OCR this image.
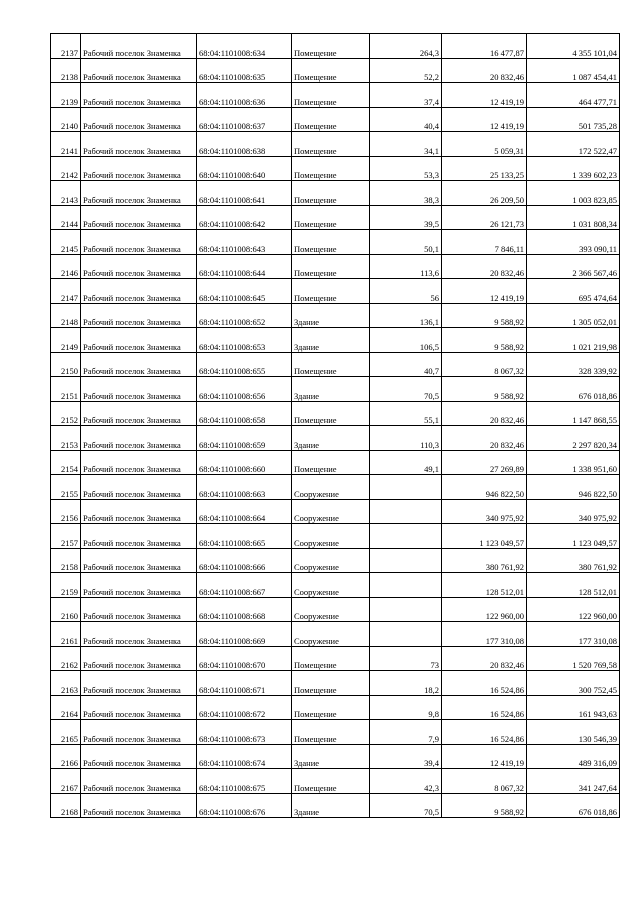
2137	Рабочий поселок Знаменка	68:04:1101008:634	Помещение	264,3	16 477,87	4 355 101,04
2138	Рабочий поселок Знаменка	68:04:1101008:635	Помещение	52,2	20 832,46	1 087 454,41
2139	Рабочий поселок Знаменка	68:04:1101008:636	Помещение	37,4	12 419,19	464 477,71
2140	Рабочий поселок Знаменка	68:04:1101008:637	Помещение	40,4	12 419,19	501 735,28
2141	Рабочий поселок Знаменка	68:04:1101008:638	Помещение	34,1	5 059,31	172 522,47
2142	Рабочий поселок Знаменка	68:04:1101008:640	Помещение	53,3	25 133,25	1 339 602,23
2143	Рабочий поселок Знаменка	68:04:1101008:641	Помещение	38,3	26 209,50	1 003 823,85
2144	Рабочий поселок Знаменка	68:04:1101008:642	Помещение	39,5	26 121,73	1 031 808,34
2145	Рабочий поселок Знаменка	68:04:1101008:643	Помещение	50,1	7 846,11	393 090,11
2146	Рабочий поселок Знаменка	68:04:1101008:644	Помещение	113,6	20 832,46	2 366 567,46
2147	Рабочий поселок Знаменка	68:04:1101008:645	Помещение	56	12 419,19	695 474,64
2148	Рабочий поселок Знаменка	68:04:1101008:652	Здание	136,1	9 588,92	1 305 052,01
2149	Рабочий поселок Знаменка	68:04:1101008:653	Здание	106,5	9 588,92	1 021 219,98
2150	Рабочий поселок Знаменка	68:04:1101008:655	Помещение	40,7	8 067,32	328 339,92
2151	Рабочий поселок Знаменка	68:04:1101008:656	Здание	70,5	9 588,92	676 018,86
2152	Рабочий поселок Знаменка	68:04:1101008:658	Помещение	55,1	20 832,46	1 147 868,55
2153	Рабочий поселок Знаменка	68:04:1101008:659	Здание	110,3	20 832,46	2 297 820,34
2154	Рабочий поселок Знаменка	68:04:1101008:660	Помещение	49,1	27 269,89	1 338 951,60
2155	Рабочий поселок Знаменка	68:04:1101008:663	Сооружение		946 822,50	946 822,50
2156	Рабочий поселок Знаменка	68:04:1101008:664	Сооружение		340 975,92	340 975,92
2157	Рабочий поселок Знаменка	68:04:1101008:665	Сооружение		1 123 049,57	1 123 049,57
2158	Рабочий поселок Знаменка	68:04:1101008:666	Сооружение		380 761,92	380 761,92
2159	Рабочий поселок Знаменка	68:04:1101008:667	Сооружение		128 512,01	128 512,01
2160	Рабочий поселок Знаменка	68:04:1101008:668	Сооружение		122 960,00	122 960,00
2161	Рабочий поселок Знаменка	68:04:1101008:669	Сооружение		177 310,08	177 310,08
2162	Рабочий поселок Знаменка	68:04:1101008:670	Помещение	73	20 832,46	1 520 769,58
2163	Рабочий поселок Знаменка	68:04:1101008:671	Помещение	18,2	16 524,86	300 752,45
2164	Рабочий поселок Знаменка	68:04:1101008:672	Помещение	9,8	16 524,86	161 943,63
2165	Рабочий поселок Знаменка	68:04:1101008:673	Помещение	7,9	16 524,86	130 546,39
2166	Рабочий поселок Знаменка	68:04:1101008:674	Здание	39,4	12 419,19	489 316,09
2167	Рабочий поселок Знаменка	68:04:1101008:675	Помещение	42,3	8 067,32	341 247,64
2168	Рабочий поселок Знаменка	68:04:1101008:676	Здание	70,5	9 588,92	676 018,86
